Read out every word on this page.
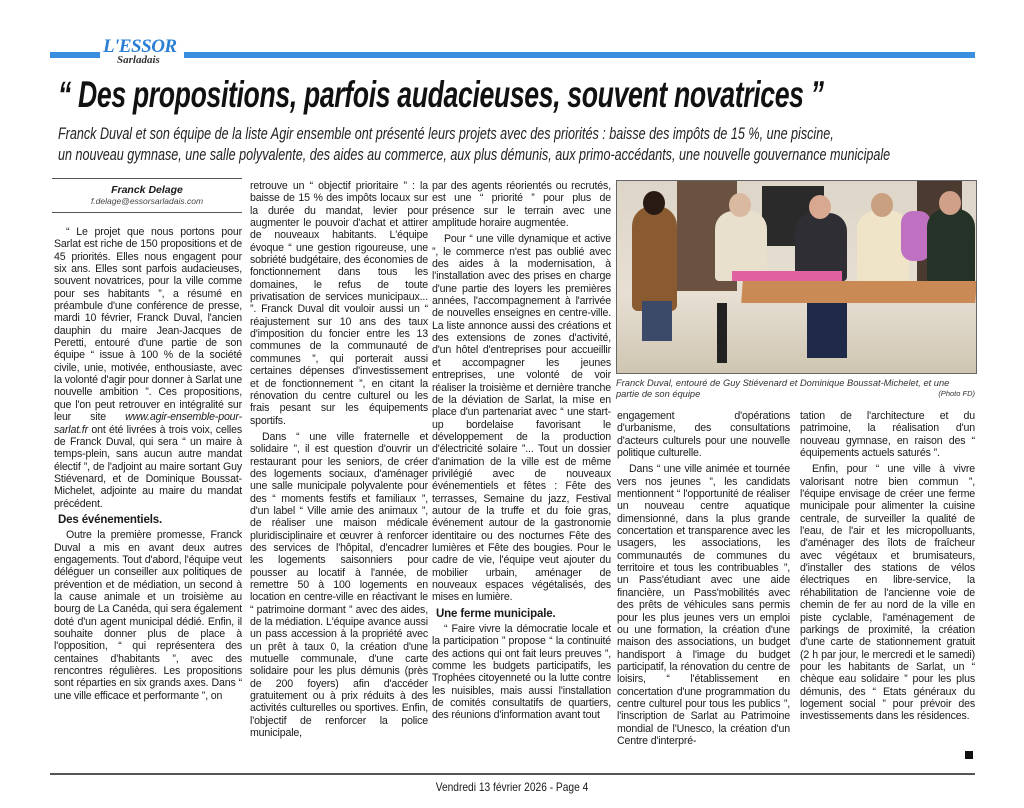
L'ESSOR
Sarladais
“ Des propositions, parfois audacieuses, souvent novatrices ”
Franck Duval et son équipe de la liste Agir ensemble ont présenté leurs projets avec des priorités : baisse des impôts de 15 %, une piscine,
un nouveau gymnase, une salle polyvalente, des aides au commerce, aux plus démunis, aux primo-accédants, une nouvelle gouvernance municipale
Franck Delage
f.delage@essorsarladais.com

“ Le projet que nous portons pour Sarlat est riche de 150 propositions et de 45 priorités. Elles nous engagent pour six ans. Elles sont parfois audacieuses, souvent novatrices, pour la ville comme pour ses habitants ”, a résumé en préambule d'une conférence de presse, mardi 10 février, Franck Duval, l'ancien dauphin du maire Jean-Jacques de Peretti, entouré d'une partie de son équipe “ issue à 100 % de la société civile, unie, motivée, enthousiaste, avec la volonté d'agir pour donner à Sarlat une nouvelle ambition ”. Ces propositions, que l'on peut retrouver en intégralité sur leur site www.agir-ensemble-pour-sarlat.fr ont été livrées à trois voix, celles de Franck Duval, qui sera “ un maire à temps-plein, sans aucun autre mandat électif ”, de l'adjoint au maire sortant Guy Stiévenard, et de Dominique Boussat-Michelet, adjointe au maire du mandat précédent.

Des événementiels.

Outre la première promesse, Franck Duval a mis en avant deux autres engagements. Tout d'abord, l'équipe veut déléguer un conseiller aux politiques de prévention et de médiation, un second à la cause animale et un troisième au bourg de La Canéda, qui sera également doté d'un agent municipal dédié. Enfin, il souhaite donner plus de place à l'opposition, “ qui représentera des centaines d'habitants ”, avec des rencontres régulières. Les propositions sont réparties en six grands axes. Dans “ une ville efficace et performante ”, on

retrouve un “ objectif prioritaire ” : la baisse de 15 % des impôts locaux sur la durée du mandat, levier pour augmenter le pouvoir d'achat et attirer de nouveaux habitants. L'équipe évoque “ une gestion rigoureuse, une sobriété budgétaire, des économies de fonctionnement dans tous les domaines, le refus de toute privatisation de services municipaux... ”. Franck Duval dit vouloir aussi un “ réajustement sur 10 ans des taux d'imposition du foncier entre les 13 communes de la communauté de communes ”, qui porterait aussi certaines dépenses d'investissement et de fonctionnement ”, en citant la rénovation du centre culturel ou les frais pesant sur les équipements sportifs.

Dans “ une ville fraternelle et solidaire ”, il est question d'ouvrir un restaurant pour les seniors, de créer des logements sociaux, d'aménager une salle municipale polyvalente pour des “ moments festifs et familiaux ”, d'un label “ Ville amie des animaux ”, de réaliser une maison médicale pluridisciplinaire et œuvrer à renforcer des services de l'hôpital, d'encadrer les logements saisonniers pour pousser au locatif à l'année, de remettre 50 à 100 logements en location en centre-ville en réactivant le “ patrimoine dormant ” avec des aides, de la médiation. L'équipe avance aussi un pass accession à la propriété avec un prêt à taux 0, la création d'une mutuelle communale, d'une carte solidaire pour les plus démunis (près de 200 foyers) afin d'accéder gratuitement ou à prix réduits à des activités culturelles ou sportives. Enfin, l'objectif de renforcer la police municipale,

par des agents réorientés ou recrutés, est une “ priorité ” pour plus de présence sur le terrain avec une amplitude horaire augmentée.

Pour “ une ville dynamique et active ”, le commerce n'est pas oublié avec des aides à la modernisation, à l'installation avec des prises en charge d'une partie des loyers les premières années, l'accompagnement à l'arrivée de nouvelles enseignes en centre-ville. La liste annonce aussi des créations et des extensions de zones d'activité, d'un hôtel d'entreprises pour accueillir et accompagner les jeunes entreprises, une volonté de voir réaliser la troisième et dernière tranche de la déviation de Sarlat, la mise en place d'un partenariat avec “ une start-up bordelaise favorisant le développement de la production d'électricité solaire ”... Tout un dossier d'animation de la ville est de même privilégié avec de nouveaux événementiels et fêtes : Fête des terrasses, Semaine du jazz, Festival autour de la truffe et du foie gras, événement autour de la gastronomie identitaire ou des nocturnes Fête des lumières et Fête des bougies. Pour le cadre de vie, l'équipe veut ajouter du mobilier urbain, aménager de nouveaux espaces végétalisés, des mises en lumière.

Une ferme municipale.

“ Faire vivre la démocratie locale et la participation ” propose “ la continuité des actions qui ont fait leurs preuves ”, comme les budgets participatifs, les Trophées citoyenneté ou la lutte contre les nuisibles, mais aussi l'installation de comités consultatifs de quartiers, des réunions d'information avant tout

Franck Duval, entouré de Guy Stiévenard et Dominique Boussat-Michelet, et une partie de son équipe	(Photo FD)

engagement d'opérations d'urbanisme, des consultations d'acteurs culturels pour une nouvelle politique culturelle.

Dans “ une ville animée et tournée vers nos jeunes ”, les candidats mentionnent “ l'opportunité de réaliser un nouveau centre aquatique dimensionné, dans la plus grande concertation et transparence avec les usagers, les associations, les communautés de communes du territoire et tous les contribuables ”, un Pass'étudiant avec une aide financière, un Pass'mobilités avec des prêts de véhicules sans permis pour les plus jeunes vers un emploi ou une formation, la création d'une maison des associations, un budget handisport à l'image du budget participatif, la rénovation du centre de loisirs, “ l'établissement en concertation d'une programmation du centre culturel pour tous les publics ”, l'inscription de Sarlat au Patrimoine mondial de l'Unesco, la création d'un Centre d'interpré-

tation de l'architecture et du patrimoine, la réalisation d'un nouveau gymnase, en raison des “ équipements actuels saturés ”.

Enfin, pour “ une ville à vivre valorisant notre bien commun ”, l'équipe envisage de créer une ferme municipale pour alimenter la cuisine centrale, de surveiller la qualité de l'eau, de l'air et les micropolluants, d'aménager des îlots de fraîcheur avec végétaux et brumisateurs, d'installer des stations de vélos électriques en libre-service, la réhabilitation de l'ancienne voie de chemin de fer au nord de la ville en piste cyclable, l'aménagement de parkings de proximité, la création d'une carte de stationnement gratuit (2 h par jour, le mercredi et le samedi) pour les habitants de Sarlat, un “ chèque eau solidaire ” pour les plus démunis, des “ Etats généraux du logement social ” pour prévoir des investissements dans les résidences.

Vendredi 13 février 2026 - Page 4
